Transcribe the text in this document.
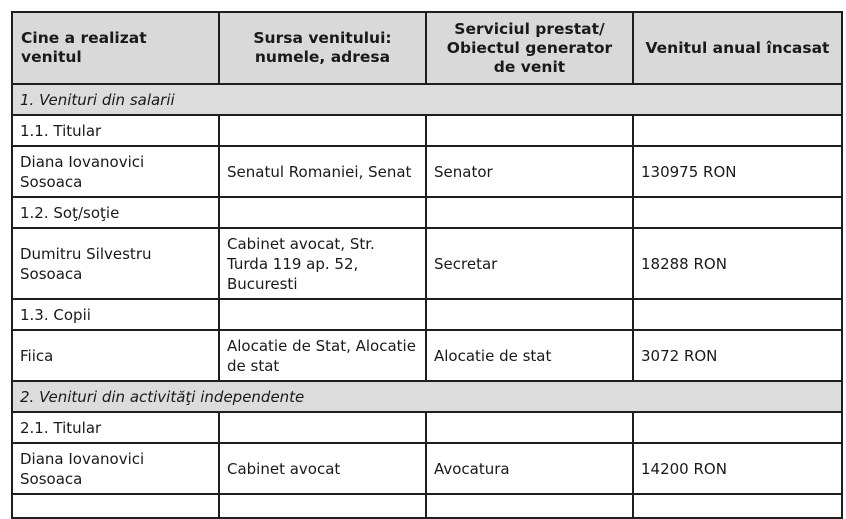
Cine a realizat venitul	Sursa venitului: numele, adresa	Serviciul prestat/ Obiectul generator de venit	Venitul anual încasat
1. Venituri din salarii			
1.1. Titular			
Diana Iovanovici Sosoaca	Senatul Romaniei, Senat	Senator	130975 RON
1.2. Soţ/soţie			
Dumitru Silvestru Sosoaca	Cabinet avocat, Str. Turda 119 ap. 52, Bucuresti	Secretar	18288 RON
1.3. Copii			
Fiica	Alocatie de Stat, Alocatie de stat	Alocatie de stat	3072 RON
2. Venituri din activităţi independente			
2.1. Titular			
Diana Iovanovici Sosoaca	Cabinet avocat	Avocatura	14200 RON
